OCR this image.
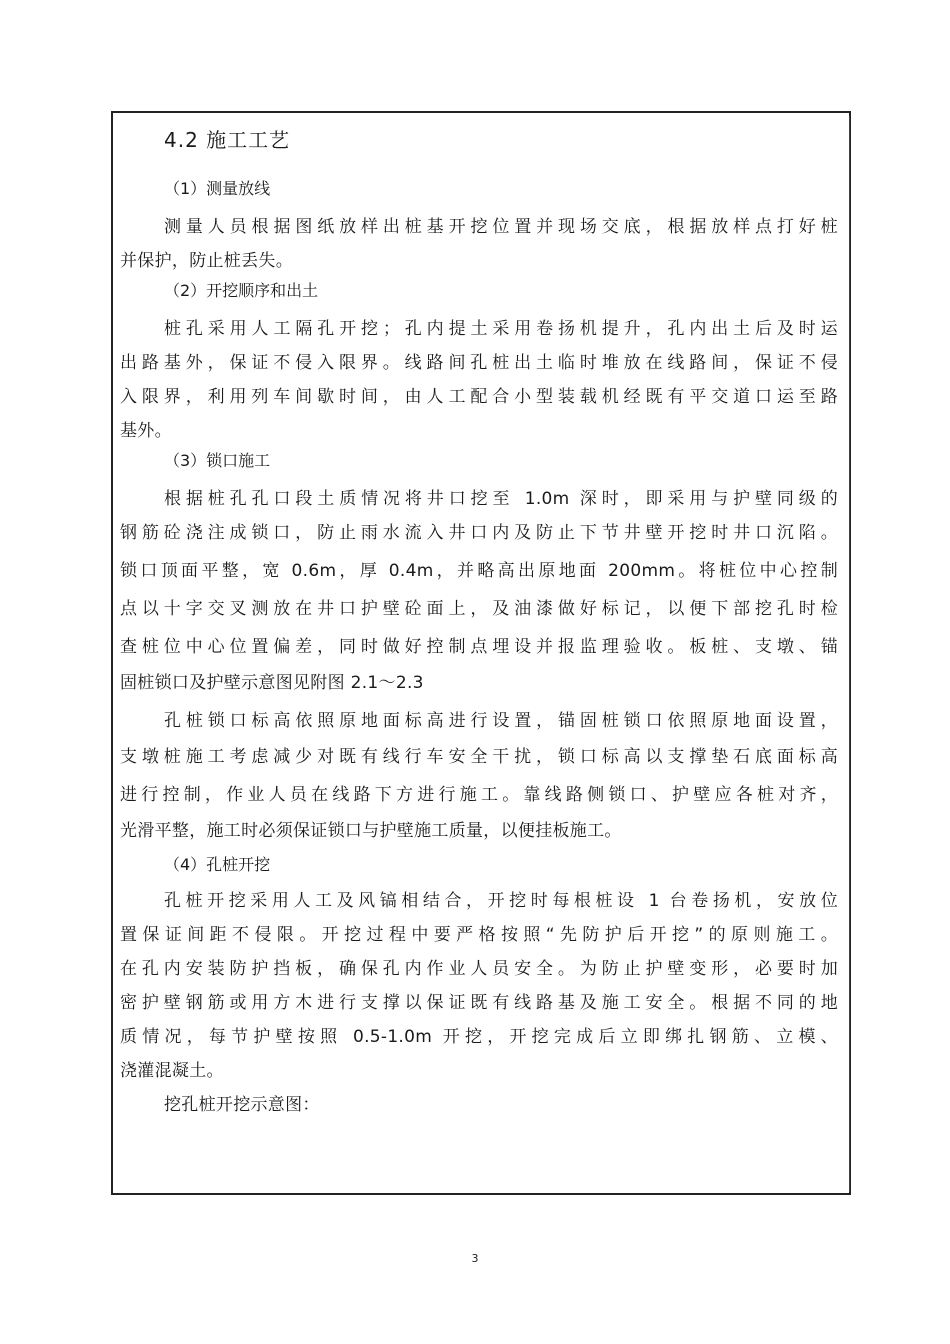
4.2 施工工艺
（1）测量放线
测量人员根据图纸放样出桩基开挖位置并现场交底，根据放样点打好桩
并保护，防止桩丢失。
（2）开挖顺序和出土
桩孔采用人工隔孔开挖；孔内提土采用卷扬机提升，孔内出土后及时运
出路基外，保证不侵入限界。线路间孔桩出土临时堆放在线路间，保证不侵
入限界，利用列车间歇时间，由人工配合小型装载机经既有平交道口运至路
基外。
（3）锁口施工
根据桩孔孔口段土质情况将井口挖至 1.0m 深时，即采用与护壁同级的
钢筋砼浇注成锁口，防止雨水流入井口内及防止下节井壁开挖时井口沉陷。
锁口顶面平整，宽 0.6m，厚 0.4m，并略高出原地面 200mm。将桩位中心控制
点以十字交叉测放在井口护壁砼面上，及油漆做好标记，以便下部挖孔时检
查桩位中心位置偏差，同时做好控制点埋设并报监理验收。板桩、支墩、锚
固桩锁口及护壁示意图见附图 2.1～2.3
孔桩锁口标高依照原地面标高进行设置，锚固桩锁口依照原地面设置，
支墩桩施工考虑减少对既有线行车安全干扰，锁口标高以支撑垫石底面标高
进行控制，作业人员在线路下方进行施工。靠线路侧锁口、护壁应各桩对齐，
光滑平整，施工时必须保证锁口与护壁施工质量，以便挂板施工。
（4）孔桩开挖
孔桩开挖采用人工及风镐相结合，开挖时每根桩设 1 台卷扬机，安放位
置保证间距不侵限。开挖过程中要严格按照“先防护后开挖”的原则施工。
在孔内安装防护挡板，确保孔内作业人员安全。为防止护壁变形，必要时加
密护壁钢筋或用方木进行支撑以保证既有线路基及施工安全。根据不同的地
质情况，每节护壁按照 0.5-1.0m 开挖，开挖完成后立即绑扎钢筋、立模、
浇灌混凝土。
挖孔桩开挖示意图：
3
